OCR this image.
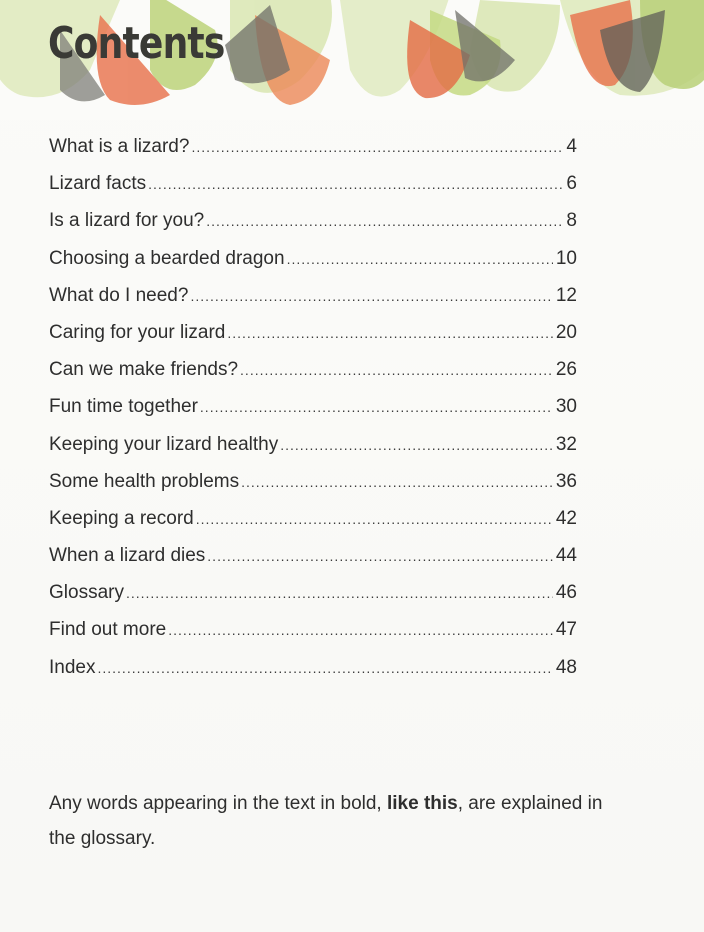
Contents
What is a lizard? .....	4
Lizard facts .....	6
Is a lizard for you? .....	8
Choosing a bearded dragon .....	10
What do I need? .....	12
Caring for your lizard .....	20
Can we make friends? .....	26
Fun time together .....	30
Keeping your lizard healthy .....	32
Some health problems .....	36
Keeping a record .....	42
When a lizard dies .....	44
Glossary .....	46
Find out more .....	47
Index .....	48

Any words appearing in the text in bold, like this, are explained in the glossary.
